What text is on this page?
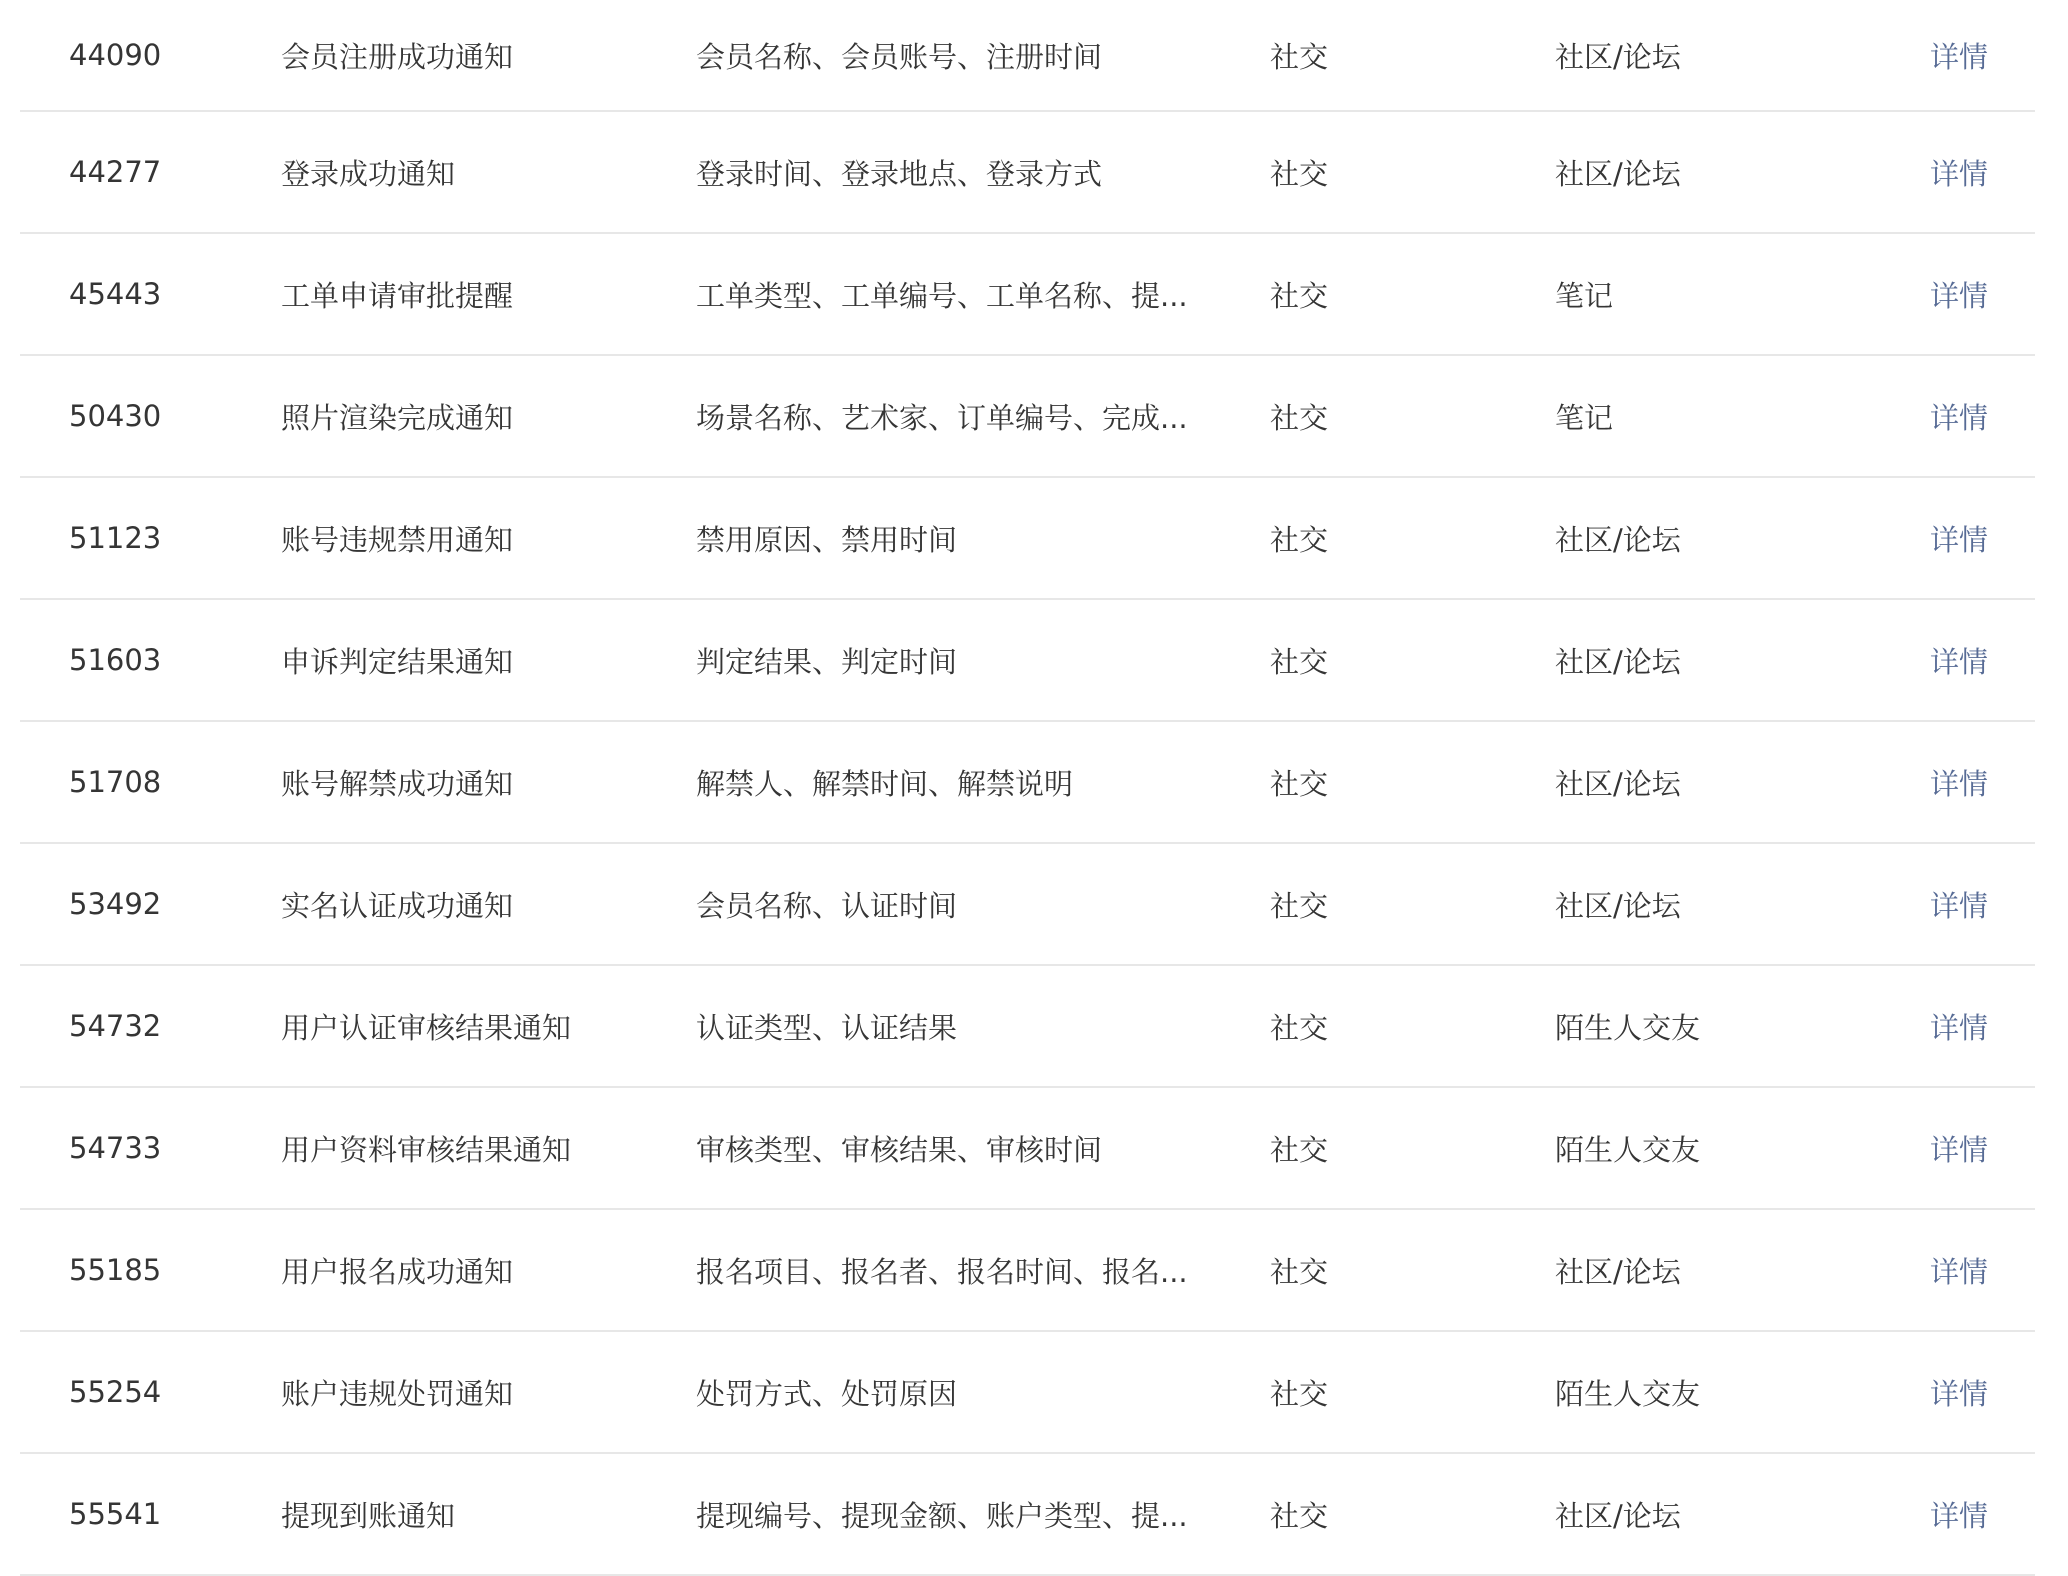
44090	会员注册成功通知	会员名称、会员账号、注册时间	社交	社区/论坛	详情
44277	登录成功通知	登录时间、登录地点、登录方式	社交	社区/论坛	详情
45443	工单申请审批提醒	工单类型、工单编号、工单名称、提...	社交	笔记	详情
50430	照片渲染完成通知	场景名称、艺术家、订单编号、完成...	社交	笔记	详情
51123	账号违规禁用通知	禁用原因、禁用时间	社交	社区/论坛	详情
51603	申诉判定结果通知	判定结果、判定时间	社交	社区/论坛	详情
51708	账号解禁成功通知	解禁人、解禁时间、解禁说明	社交	社区/论坛	详情
53492	实名认证成功通知	会员名称、认证时间	社交	社区/论坛	详情
54732	用户认证审核结果通知	认证类型、认证结果	社交	陌生人交友	详情
54733	用户资料审核结果通知	审核类型、审核结果、审核时间	社交	陌生人交友	详情
55185	用户报名成功通知	报名项目、报名者、报名时间、报名...	社交	社区/论坛	详情
55254	账户违规处罚通知	处罚方式、处罚原因	社交	陌生人交友	详情
55541	提现到账通知	提现编号、提现金额、账户类型、提...	社交	社区/论坛	详情
